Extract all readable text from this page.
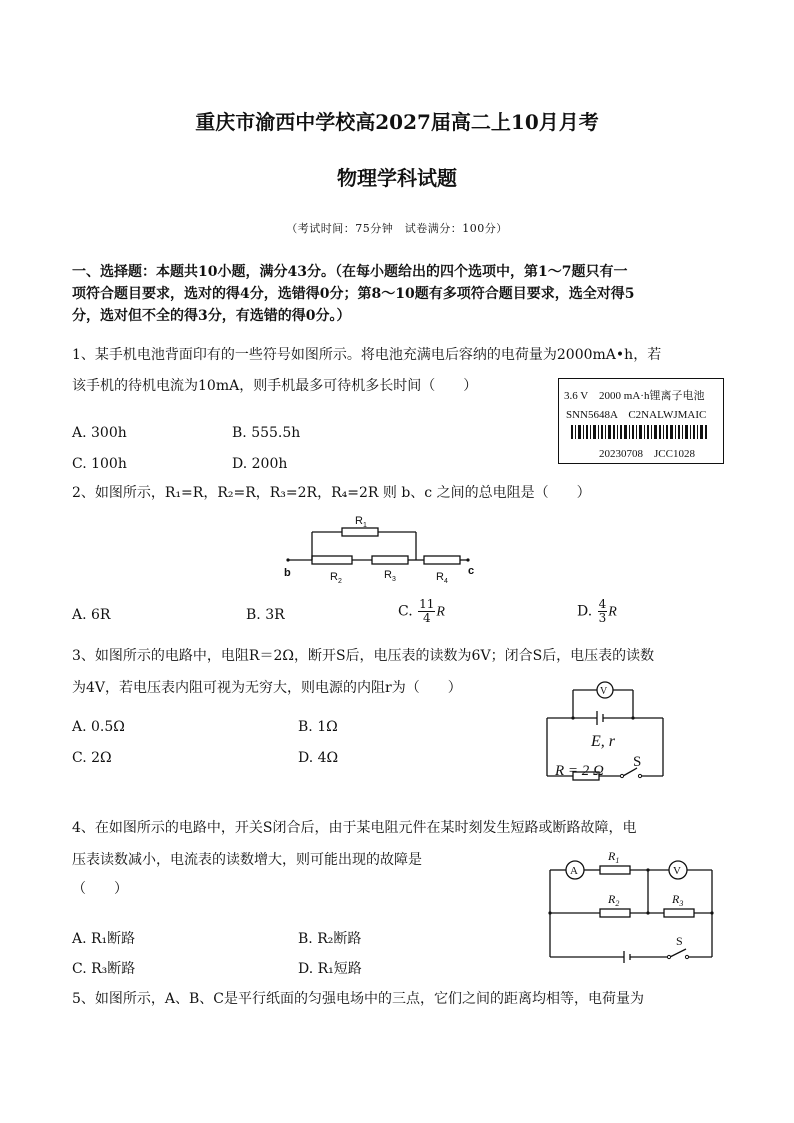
重庆市渝西中学校高2027届高二上10月月考
物理学科试题
（考试时间：75分钟　试卷满分：100分）
一、选择题：本题共10小题，满分43分。（在每小题给出的四个选项中，第1～7题只有一
项符合题目要求，选对的得4分，选错得0分；第8～10题有多项符合题目要求，选全对得5
分，选对但不全的得3分，有选错的得0分。）
1、某手机电池背面印有的一些符号如图所示。将电池充满电后容纳的电荷量为2000mA•h，若
该手机的待机电流为10mA，则手机最多可待机多长时间（　　）
A. 300h	B. 555.5h
C. 100h	D. 200h
3.6 V　2000 mA·h锂离子电池
SNN5648A　C2NALWJMAIC
20230708　JCC1028
2、如图所示，R₁=R，R₂=R，R₃=2R，R₄=2R 则 b、c 之间的总电阻是（　　）
$R_1$
$R_2$
$R_3$	$R_4$
b	c
A. 6R	B. 3R	C. $\frac{11}{4}$ R	D. $\frac{4}{3}$ R
3、如图所示的电路中，电阻R＝2Ω，断开S后，电压表的读数为6V；闭合S后，电压表的读数
为4V，若电压表内阻可视为无穷大，则电源的内阻r为（　　）
A. 0.5Ω	B. 1Ω
C. 2Ω	D. 4Ω
V
E, r
R = 2 Ω
S
4、在如图所示的电路中，开关S闭合后，由于某电阻元件在某时刻发生短路或断路故障，电
压表读数减小，电流表的读数增大，则可能出现的故障是
（　　）
A. R₁断路	B. R₂断路
C. R₃断路	D. R₁短路
A	V
$R_1$
$R_2$	$R_3$
S
5、如图所示，A、B、C是平行纸面的匀强电场中的三点，它们之间的距离均相等，电荷量为
